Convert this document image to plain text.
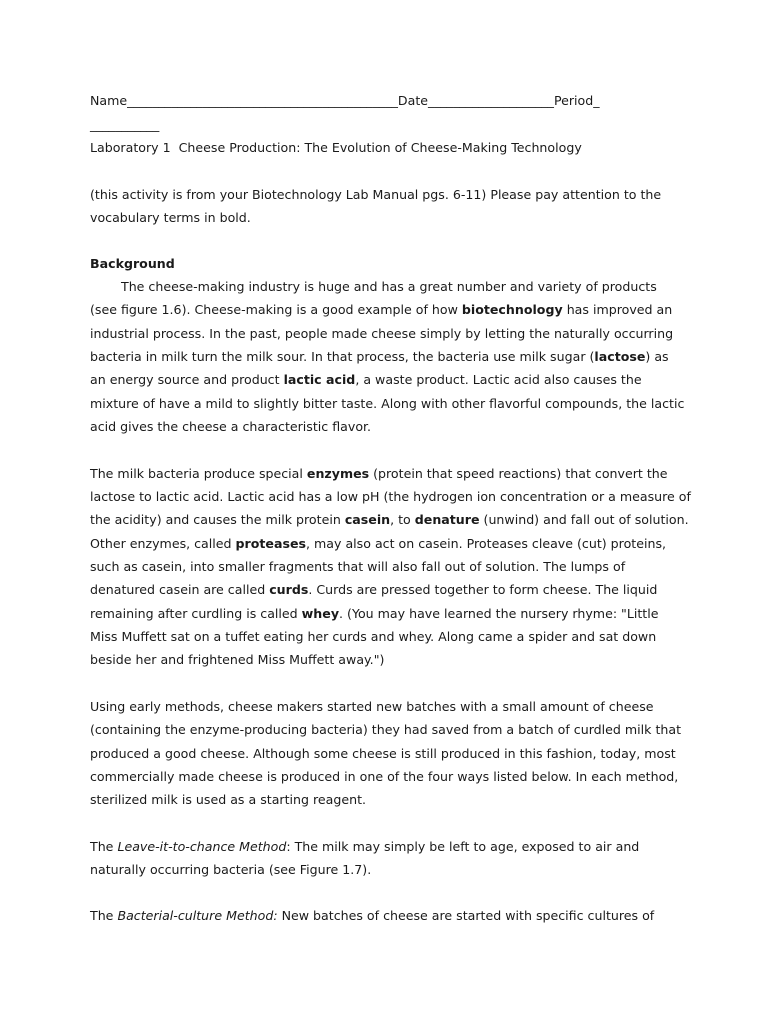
Name___________________________________________Date____________________Period_
___________
Laboratory 1  Cheese Production: The Evolution of Cheese-Making Technology
(this activity is from your Biotechnology Lab Manual pgs. 6-11) Please pay attention to the
vocabulary terms in bold.
Background
The cheese-making industry is huge and has a great number and variety of products
(see figure 1.6). Cheese-making is a good example of how biotechnology has improved an
industrial process. In the past, people made cheese simply by letting the naturally occurring
bacteria in milk turn the milk sour. In that process, the bacteria use milk sugar (lactose) as
an energy source and product lactic acid, a waste product. Lactic acid also causes the
mixture of have a mild to slightly bitter taste. Along with other flavorful compounds, the lactic
acid gives the cheese a characteristic flavor.
The milk bacteria produce special enzymes (protein that speed reactions) that convert the
lactose to lactic acid. Lactic acid has a low pH (the hydrogen ion concentration or a measure of
the acidity) and causes the milk protein casein, to denature (unwind) and fall out of solution.
Other enzymes, called proteases, may also act on casein. Proteases cleave (cut) proteins,
such as casein, into smaller fragments that will also fall out of solution. The lumps of
denatured casein are called curds. Curds are pressed together to form cheese. The liquid
remaining after curdling is called whey. (You may have learned the nursery rhyme: "Little
Miss Muffett sat on a tuffet eating her curds and whey. Along came a spider and sat down
beside her and frightened Miss Muffett away.")
Using early methods, cheese makers started new batches with a small amount of cheese
(containing the enzyme-producing bacteria) they had saved from a batch of curdled milk that
produced a good cheese. Although some cheese is still produced in this fashion, today, most
commercially made cheese is produced in one of the four ways listed below. In each method,
sterilized milk is used as a starting reagent.
The Leave-it-to-chance Method: The milk may simply be left to age, exposed to air and
naturally occurring bacteria (see Figure 1.7).
The Bacterial-culture Method: New batches of cheese are started with specific cultures of
